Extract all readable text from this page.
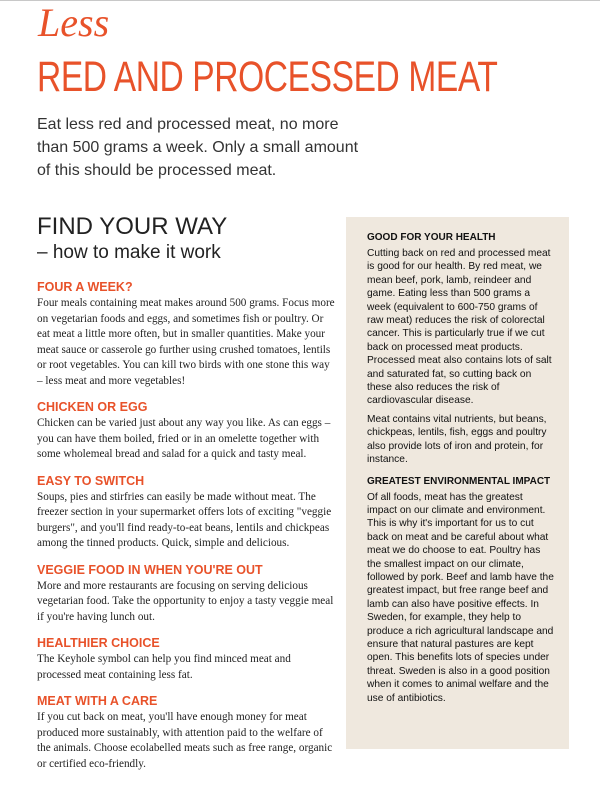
Less
RED AND PROCESSED MEAT

Eat less red and processed meat, no more than 500 grams a week. Only a small amount of this should be processed meat.

FIND YOUR WAY
– how to make it work
FOUR A WEEK?

Four meals containing meat makes around 500 grams. Focus more on vegetarian foods and eggs, and sometimes fish or poultry. Or eat meat a little more often, but in smaller quantities. Make your meat sauce or casserole go further using crushed tomatoes, lentils or root vegetables. You can kill two birds with one stone this way – less meat and more vegetables!

CHICKEN OR EGG

Chicken can be varied just about any way you like. As can eggs – you can have them boiled, fried or in an omelette together with some wholemeal bread and salad for a quick and tasty meal.

EASY TO SWITCH

Soups, pies and stirfries can easily be made without meat. The freezer section in your supermarket offers lots of exciting "veggie burgers", and you'll find ready-to-eat beans, lentils and chickpeas among the tinned products. Quick, simple and delicious.

VEGGIE FOOD IN WHEN YOU'RE OUT

More and more restaurants are focusing on serving delicious vegetarian food. Take the opportunity to enjoy a tasty veggie meal if you're having lunch out.

HEALTHIER CHOICE

The Keyhole symbol can help you find minced meat and processed meat containing less fat.

MEAT WITH A CARE

If you cut back on meat, you'll have enough money for meat produced more sustainably, with attention paid to the welfare of the animals. Choose ecolabelled meats such as free range, organic or certified eco-friendly.

GOOD FOR YOUR HEALTH

Cutting back on red and processed meat is good for our health. By red meat, we mean beef, pork, lamb, reindeer and game. Eating less than 500 grams a week (equivalent to 600-750 grams of raw meat) reduces the risk of colorectal cancer. This is particularly true if we cut back on processed meat products. Processed meat also contains lots of salt and saturated fat, so cutting back on these also reduces the risk of cardiovascular disease.

Meat contains vital nutrients, but beans, chickpeas, lentils, fish, eggs and poultry also provide lots of iron and protein, for instance.

GREATEST ENVIRONMENTAL IMPACT

Of all foods, meat has the greatest impact on our climate and environment. This is why it's important for us to cut back on meat and be careful about what meat we do choose to eat. Poultry has the smallest impact on our climate, followed by pork. Beef and lamb have the greatest impact, but free range beef and lamb can also have positive effects. In Sweden, for example, they help to produce a rich agricultural landscape and ensure that natural pastures are kept open. This benefits lots of species under threat. Sweden is also in a good position when it comes to animal welfare and the use of antibiotics.
